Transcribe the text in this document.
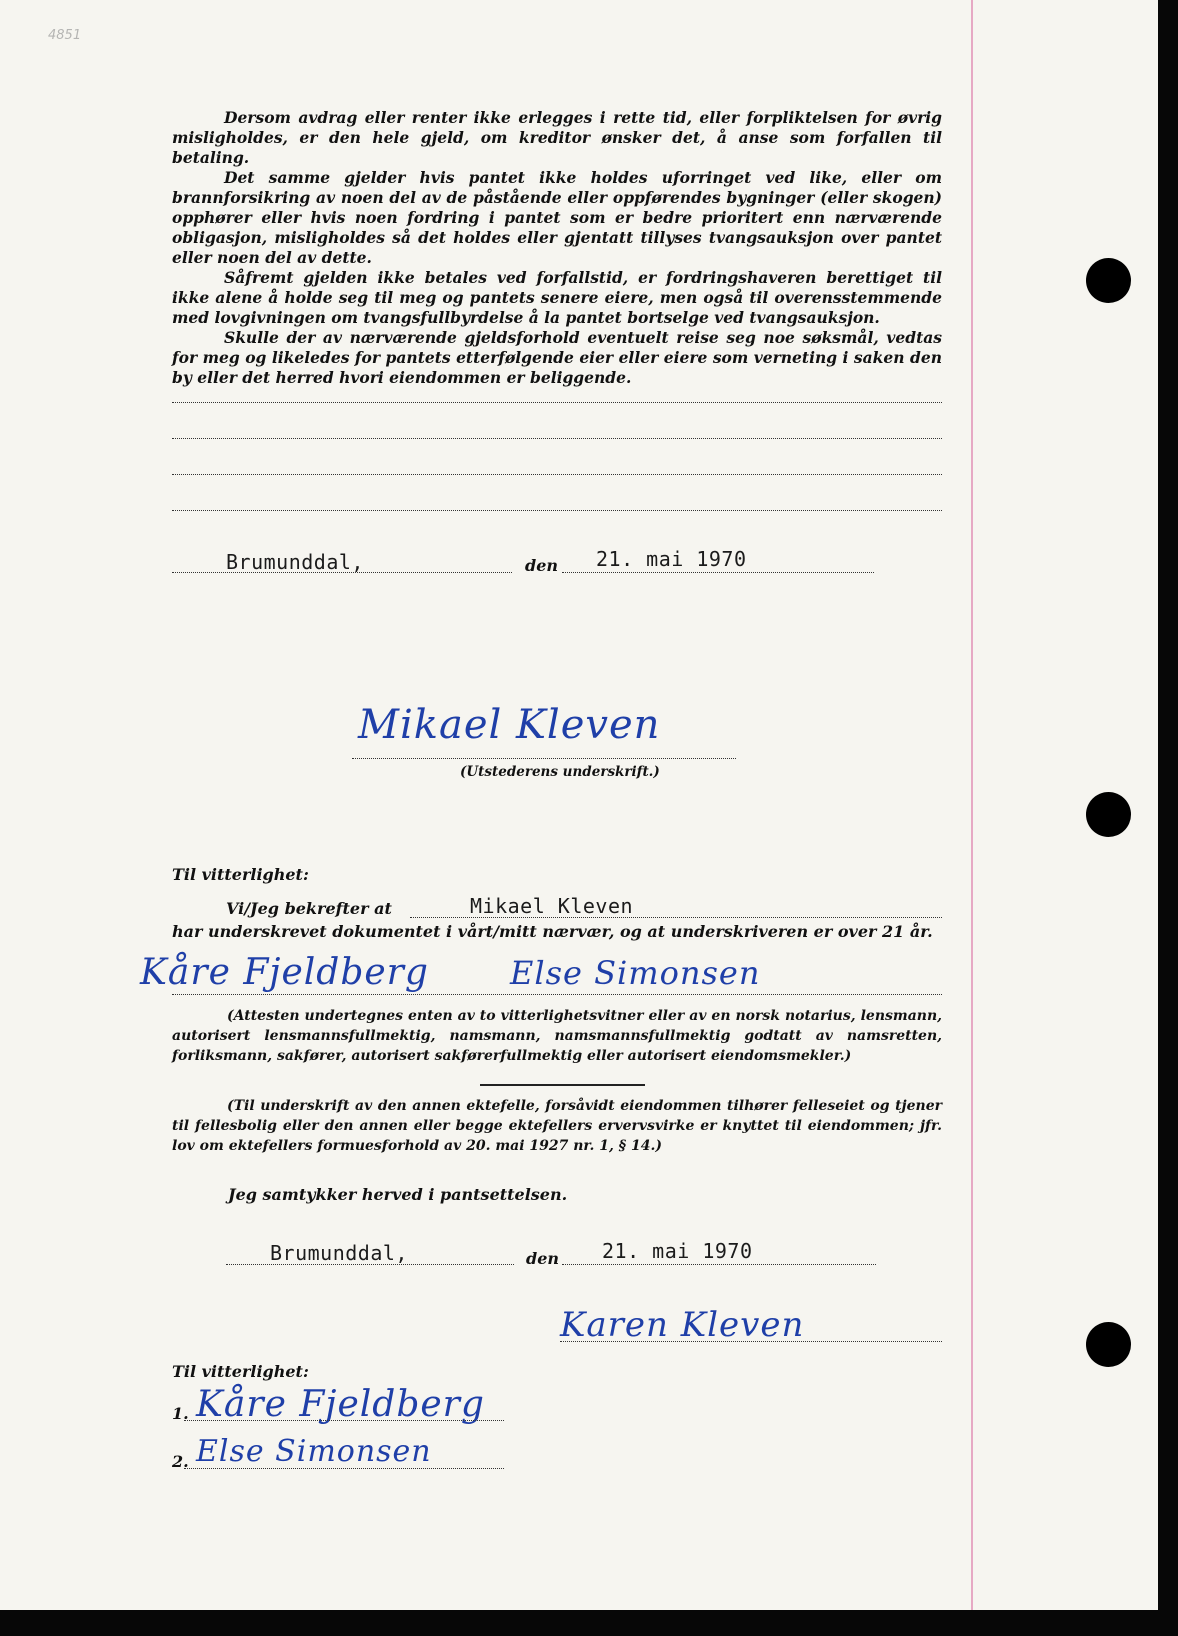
4851

Dersom avdrag eller renter ikke erlegges i rette tid, eller forpliktelsen for øvrig misligholdes, er den hele gjeld, om kreditor ønsker det, å anse som forfallen til betaling.

Det samme gjelder hvis pantet ikke holdes uforringet ved like, eller om brannforsikring av noen del av de påstående eller oppførendes bygninger (eller skogen) opphører eller hvis noen fordring i pantet som er bedre prioritert enn nærværende obligasjon, misligholdes så det holdes eller gjentatt tillyses tvangsauksjon over pantet eller noen del av dette.

Såfremt gjelden ikke betales ved forfallstid, er fordringshaveren berettiget til ikke alene å holde seg til meg og pantets senere eiere, men også til overensstemmende med lovgivningen om tvangsfullbyrdelse å la pantet bortselge ved tvangsauksjon.

Skulle der av nærværende gjeldsforhold eventuelt reise seg noe søksmål, vedtas for meg og likeledes for pantets etterfølgende eier eller eiere som verneting i saken den by eller det herred hvori eiendommen er beliggende.

Brumunddal,	den 21. mai 1970
Mikael Kleven
(Utstederens underskrift.)
Til vitterlighet:
Vi/Jeg bekrefter at	Mikael Kleven
har underskrevet dokumentet i vårt/mitt nærvær, og at underskriveren er over 21 år.
Kåre Fjeldberg	Else Simonsen

(Attesten undertegnes enten av to vitterlighetsvitner eller av en norsk notarius, lensmann, autorisert lensmannsfullmektig, namsmann, namsmannsfullmektig godtatt av namsretten, forliksmann, sakfører, autorisert sakførerfullmektig eller autorisert eiendomsmekler.)

(Til underskrift av den annen ektefelle, forsåvidt eiendommen tilhører felleseiet og tjener til fellesbolig eller den annen eller begge ektefellers ervervsvirke er knyttet til eiendommen; jfr. lov om ektefellers formuesforhold av 20. mai 1927 nr. 1, § 14.)

Jeg samtykker herved i pantsettelsen.
Brumunddal,	den 21. mai 1970
Karen Kleven
Til vitterlighet:
1. Kåre Fjeldberg
2. Else Simonsen
